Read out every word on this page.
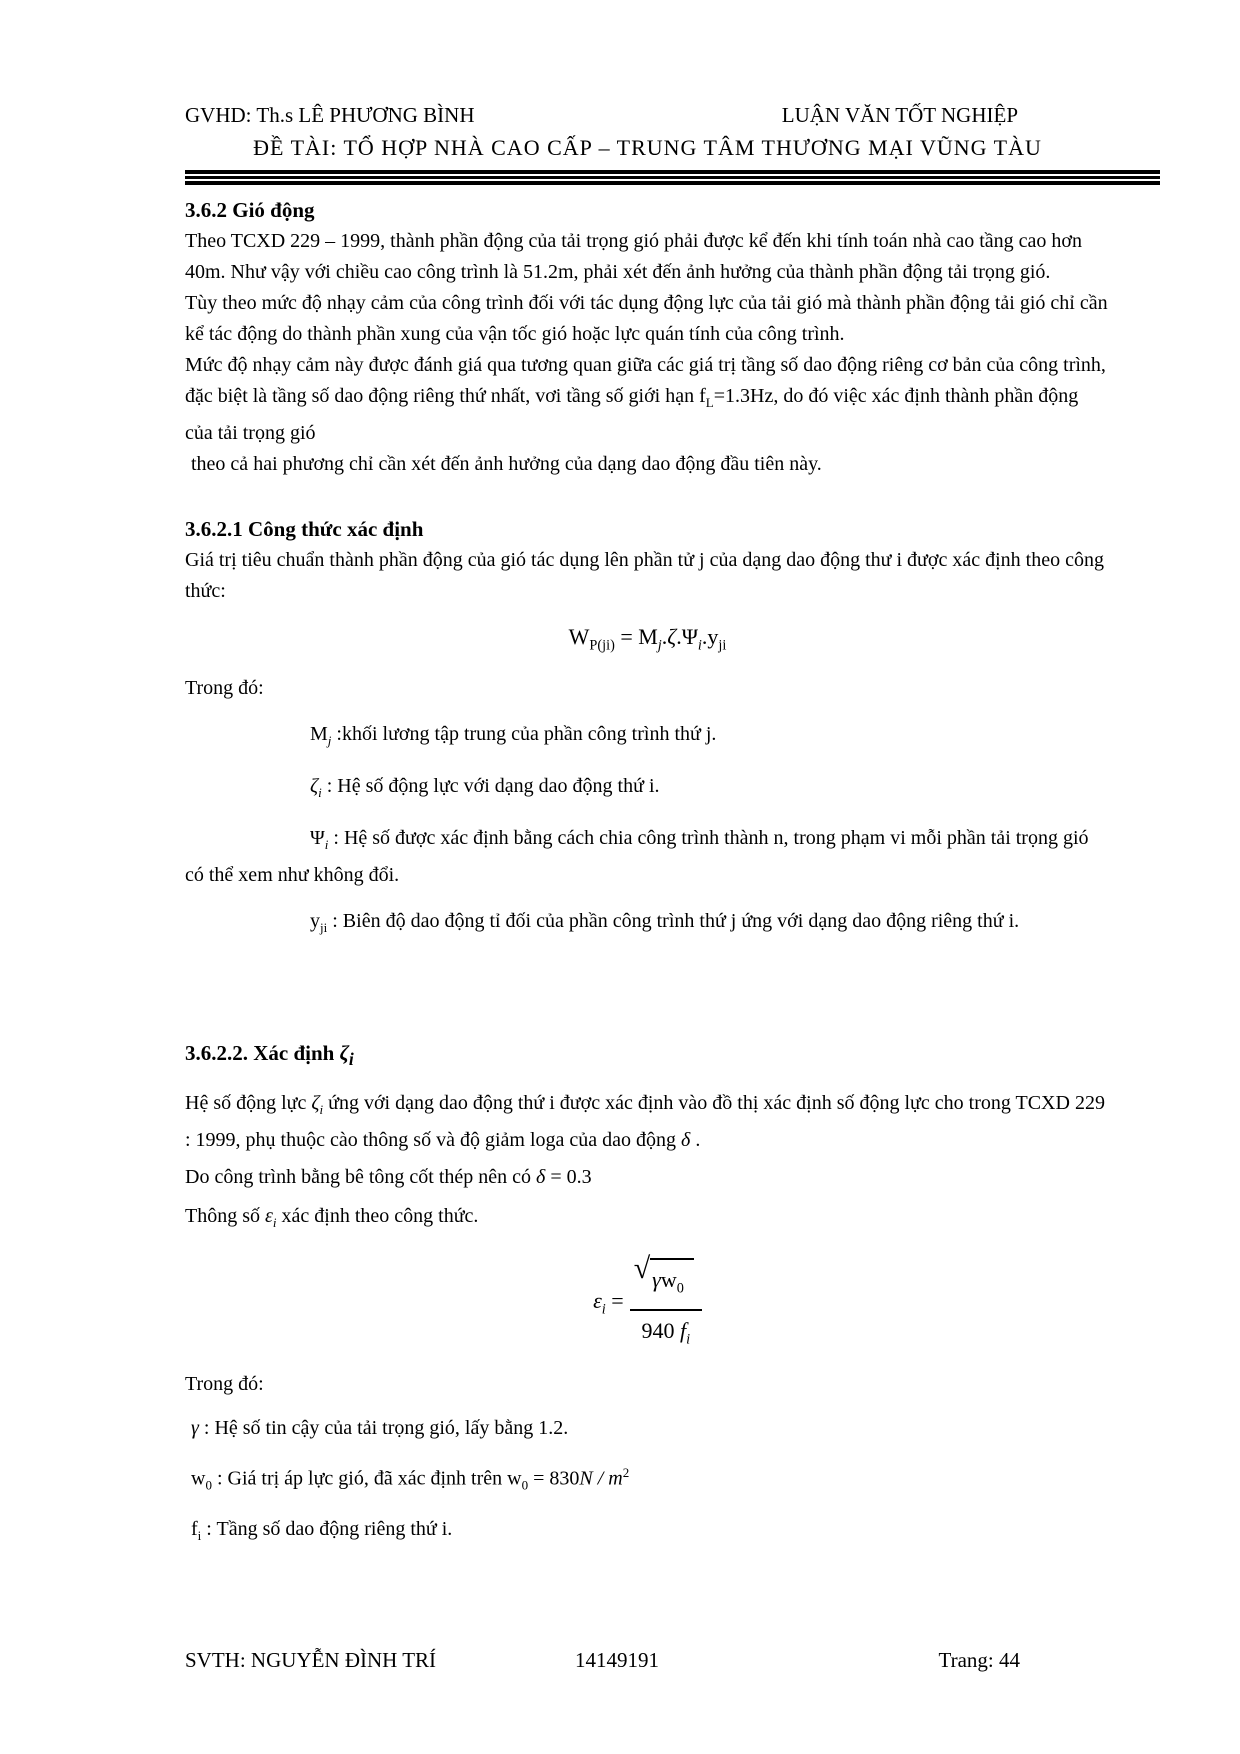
GVHD: Th.s LÊ PHƯƠNG BÌNH	LUẬN VĂN TỐT NGHIỆP
ĐỀ TÀI: TỔ HỢP NHÀ CAO CẤP – TRUNG TÂM THƯƠNG MẠI VŨNG TÀU
3.6.2 Gió động

Theo TCXD 229 – 1999, thành phần động của tải trọng gió phải được kể đến khi tính toán nhà cao tầng cao hơn 40m. Như vậy với chiều cao công trình là 51.2m, phải xét đến ảnh hưởng của thành phần động tải trọng gió.

Tùy theo mức độ nhạy cảm của công trình đối với tác dụng động lực của tải gió mà thành phần động tải gió chỉ cần kể tác động do thành phần xung của vận tốc gió hoặc lực quán tính của công trình.

Mức độ nhạy cảm này được đánh giá qua tương quan giữa các giá trị tầng số dao động riêng cơ bản của công trình, đặc biệt là tầng số dao động riêng thứ nhất, vơi tầng số giới hạn $f_L=1.3Hz$, do đó việc xác định thành phần động của tải trọng gió

theo cả hai phương chỉ cần xét đến ảnh hưởng của dạng dao động đầu tiên này.

3.6.2.1 Công thức xác định

Giá trị tiêu chuẩn thành phần động của gió tác dụng lên phần tử j của dạng dao động thư i được xác định theo công thức:

$W_{P(ji)} = M_j.\zeta.\Psi_i.y_{ji}$

Trong đó:

$M_j$ :khối lương tập trung của phần công trình thứ j.

$\zeta_i$ : Hệ số động lực với dạng dao động thứ i.

$\Psi_i$ : Hệ số được xác định bằng cách chia công trình thành n, trong phạm vi mỗi phần tải trọng gió có thể xem như không đổi.

$y_{ji}$ : Biên độ dao động tỉ đối của phần công trình thứ j ứng với dạng dao động riêng thứ i.

3.6.2.2. Xác định $\zeta_i$

Hệ số động lực $\zeta_i$ ứng với dạng dao động thứ i được xác định vào đồ thị xác định số động lực cho trong TCXD 229 : 1999, phụ thuộc cào thông số và độ giảm loga của dao động δ .

Do công trình bằng bê tông cốt thép nên có δ = 0.3

Thông số $\varepsilon_i$ xác định theo công thức.

$\varepsilon_i = \frac{√ \gamma w_0}{940 f_i}$

Trong đó:

γ : Hệ số tin cậy của tải trọng gió, lấy bằng 1.2.

$w_0$ : Giá trị áp lực gió, đã xác định trên $w_0 = 830N / m^2$

$f_i$ : Tầng số dao động riêng thứ i.

SVTH: NGUYỄN ĐÌNH TRÍ	14149191	Trang: 44
